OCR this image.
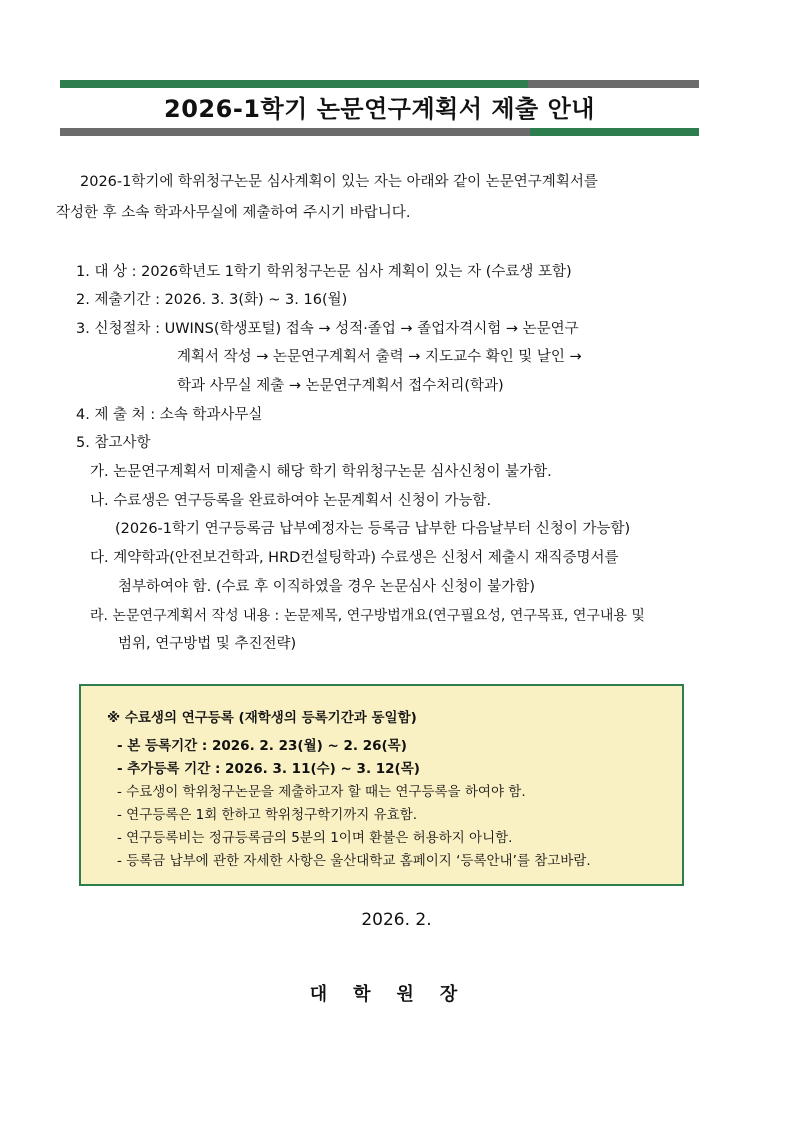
2026-1학기 논문연구계획서 제출 안내
2026-1학기에 학위청구논문 심사계획이 있는 자는 아래와 같이 논문연구계획서를
작성한 후 소속 학과사무실에 제출하여 주시기 바랍니다.
1. 대 상 : 2026학년도 1학기 학위청구논문 심사 계획이 있는 자 (수료생 포함)
2. 제출기간 : 2026. 3. 3(화) ~ 3. 16(월)
3. 신청절차 : UWINS(학생포털) 접속 → 성적·졸업 → 졸업자격시험 → 논문연구
계획서 작성 → 논문연구계획서 출력 → 지도교수 확인 및 날인 →
학과 사무실 제출 → 논문연구계획서 접수처리(학과)
4. 제 출 처 : 소속 학과사무실
5. 참고사항
가. 논문연구계획서 미제출시 해당 학기 학위청구논문 심사신청이 불가함.
나. 수료생은 연구등록을 완료하여야 논문계획서 신청이 가능함.
(2026-1학기 연구등록금 납부예정자는 등록금 납부한 다음날부터 신청이 가능함)
다. 계약학과(안전보건학과, HRD컨설팅학과) 수료생은 신청서 제출시 재직증명서를
첨부하여야 함. (수료 후 이직하였을 경우 논문심사 신청이 불가함)
라. 논문연구계획서 작성 내용 : 논문제목, 연구방법개요(연구필요성, 연구목표, 연구내용 및
범위, 연구방법 및 추진전략)
※ 수료생의 연구등록 (재학생의 등록기간과 동일함)
- 본 등록기간 : 2026. 2. 23(월) ~ 2. 26(목)
- 추가등록 기간 : 2026. 3. 11(수) ~ 3. 12(목)
- 수료생이 학위청구논문을 제출하고자 할 때는 연구등록을 하여야 함.
- 연구등록은 1회 한하고 학위청구학기까지 유효함.
- 연구등록비는 정규등록금의 5분의 1이며 환불은 허용하지 아니함.
- 등록금 납부에 관한 자세한 사항은 울산대학교 홈페이지 ‘등록안내’를 참고바람.
2026. 2.
대학원장
